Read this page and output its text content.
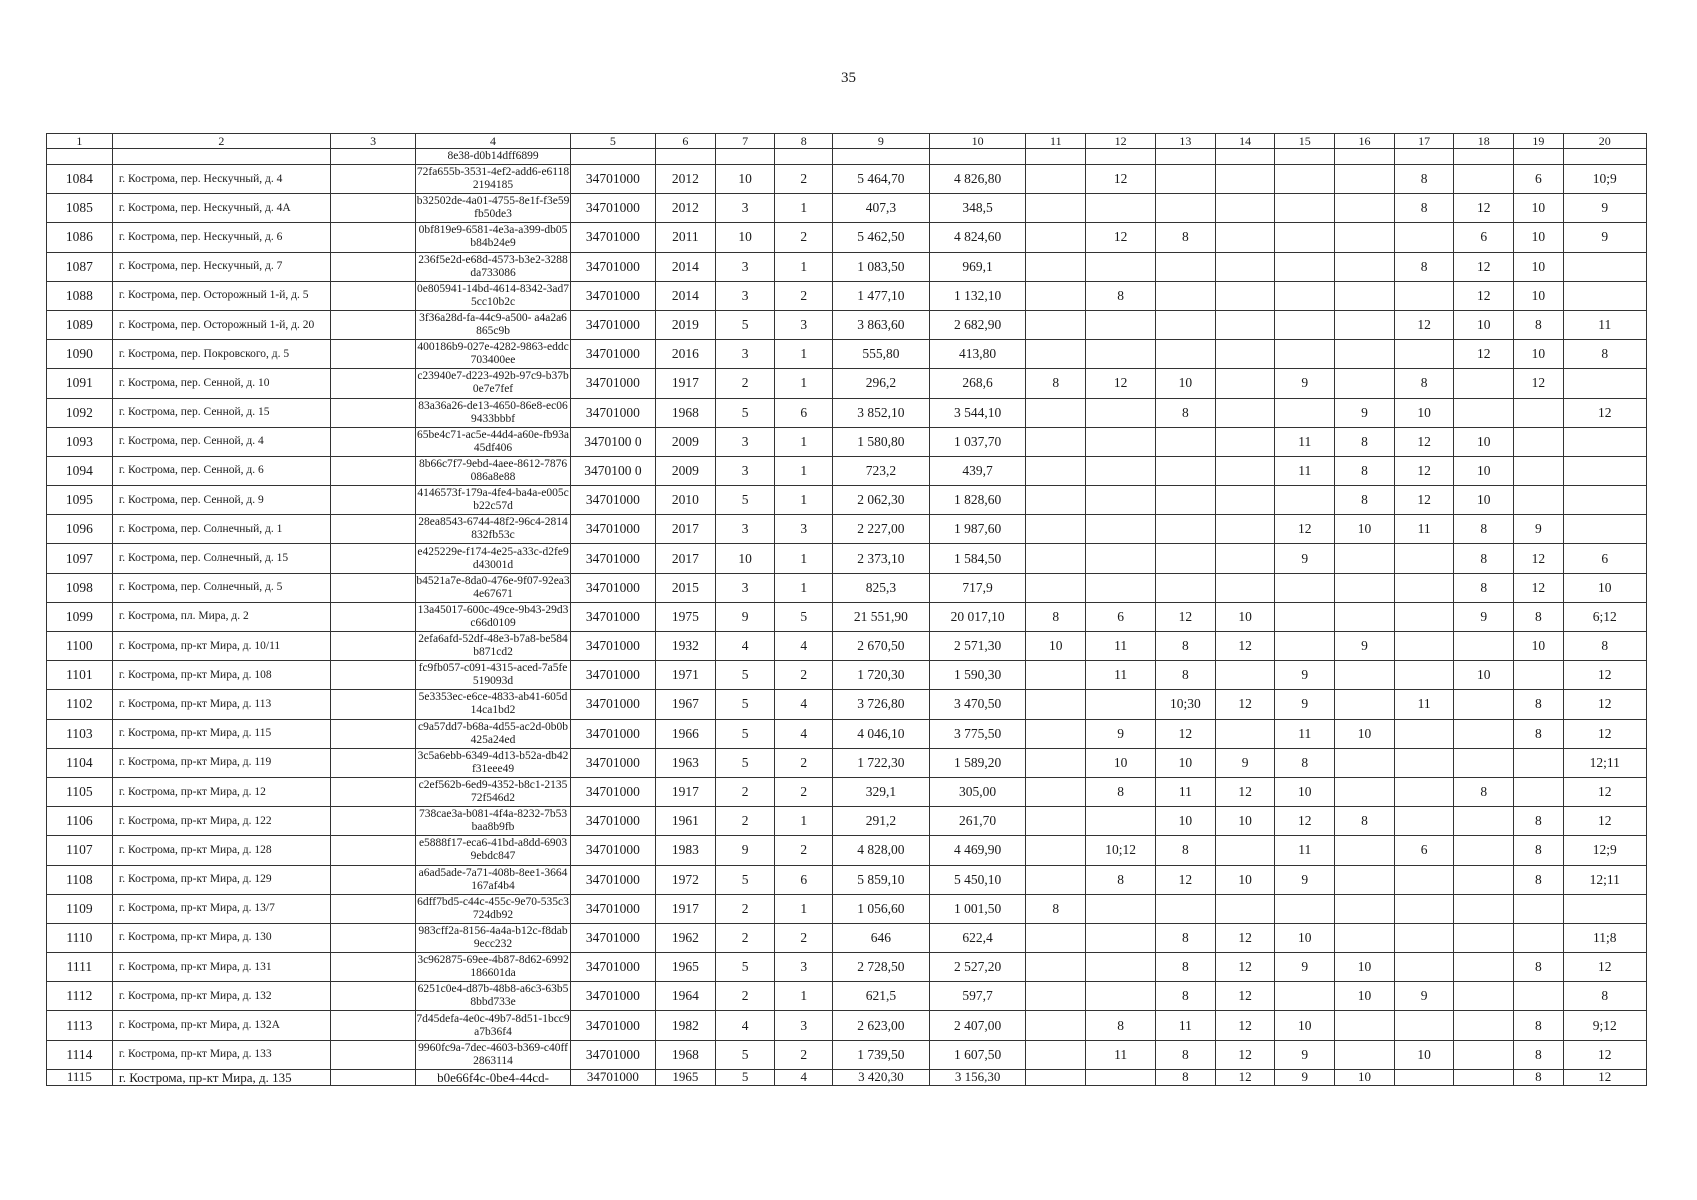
35
1	2	3	4	5	6	7	8	9	10	11	12	13	14	15	16	17	18	19	20
			8e38-d0b14dff6899																
1084	г. Кострома, пер. Нескучный, д. 4		72fa655b-3531-4ef2-add6-e61182194185	34701000	2012	10	2	5 464,70	4 826,80		12					8		6	10;9
1085	г. Кострома, пер. Нескучный, д. 4А		b32502de-4a01-4755-8e1f-f3e59fb50de3	34701000	2012	3	1	407,3	348,5							8	12	10	9
1086	г. Кострома, пер. Нескучный, д. 6		0bf819e9-6581-4e3a-a399-db05b84b24e9	34701000	2011	10	2	5 462,50	4 824,60		12	8					6	10	9
1087	г. Кострома, пер. Нескучный, д. 7		236f5e2d-e68d-4573-b3e2-3288da733086	34701000	2014	3	1	1 083,50	969,1							8	12	10	
1088	г. Кострома, пер. Осторожный 1-й, д. 5		0e805941-14bd-4614-8342-3ad75cc10b2c	34701000	2014	3	2	1 477,10	1 132,10		8						12	10	
1089	г. Кострома, пер. Осторожный 1-й, д. 20		3f36a28d-fa-44c9-a500- a4a2a6865c9b	34701000	2019	5	3	3 863,60	2 682,90							12	10	8	11
1090	г. Кострома, пер. Покровского, д. 5		400186b9-027e-4282-9863-eddc703400ee	34701000	2016	3	1	555,80	413,80								12	10	8
1091	г. Кострома, пер. Сенной, д. 10		c23940e7-d223-492b-97c9-b37b0e7e7fef	34701000	1917	2	1	296,2	268,6	8	12	10		9		8		12	
1092	г. Кострома, пер. Сенной, д. 15		83a36a26-de13-4650-86e8-ec069433bbbf	34701000	1968	5	6	3 852,10	3 544,10			8			9	10			12
1093	г. Кострома, пер. Сенной, д. 4		65be4c71-ac5e-44d4-a60e-fb93a45df406	3470100 0	2009	3	1	1 580,80	1 037,70					11	8	12	10		
1094	г. Кострома, пер. Сенной, д. 6		8b66c7f7-9ebd-4aee-8612-7876086a8e88	3470100 0	2009	3	1	723,2	439,7					11	8	12	10		
1095	г. Кострома, пер. Сенной, д. 9		4146573f-179a-4fe4-ba4a-e005cb22c57d	34701000	2010	5	1	2 062,30	1 828,60						8	12	10		
1096	г. Кострома, пер. Солнечный, д. 1		28ea8543-6744-48f2-96c4-2814832fb53c	34701000	2017	3	3	2 227,00	1 987,60					12	10	11	8	9	
1097	г. Кострома, пер. Солнечный, д. 15		e425229e-f174-4e25-a33c-d2fe9d43001d	34701000	2017	10	1	2 373,10	1 584,50					9			8	12	6
1098	г. Кострома, пер. Солнечный, д. 5		b4521a7e-8da0-476e-9f07-92ea34e67671	34701000	2015	3	1	825,3	717,9								8	12	10
1099	г. Кострома, пл. Мира, д. 2		13a45017-600c-49ce-9b43-29d3c66d0109	34701000	1975	9	5	21 551,90	20 017,10	8	6	12	10				9	8	6;12
1100	г. Кострома, пр-кт Мира, д. 10/11		2efa6afd-52df-48e3-b7a8-be584b871cd2	34701000	1932	4	4	2 670,50	2 571,30	10	11	8	12		9			10	8
1101	г. Кострома, пр-кт Мира, д. 108		fc9fb057-c091-4315-aced-7a5fe519093d	34701000	1971	5	2	1 720,30	1 590,30		11	8		9			10		12
1102	г. Кострома, пр-кт Мира, д. 113		5e3353ec-e6ce-4833-ab41-605d14ca1bd2	34701000	1967	5	4	3 726,80	3 470,50			10;30	12	9		11		8	12
1103	г. Кострома, пр-кт Мира, д. 115		c9a57dd7-b68a-4d55-ac2d-0b0b425a24ed	34701000	1966	5	4	4 046,10	3 775,50		9	12		11	10			8	12
1104	г. Кострома, пр-кт Мира, д. 119		3c5a6ebb-6349-4d13-b52a-db42f31eee49	34701000	1963	5	2	1 722,30	1 589,20		10	10	9	8					12;11
1105	г. Кострома, пр-кт Мира, д. 12		c2ef562b-6ed9-4352-b8c1-213572f546d2	34701000	1917	2	2	329,1	305,00		8	11	12	10			8		12
1106	г. Кострома, пр-кт Мира, д. 122		738cae3a-b081-4f4a-8232-7b53baa8b9fb	34701000	1961	2	1	291,2	261,70			10	10	12	8			8	12
1107	г. Кострома, пр-кт Мира, д. 128		e5888f17-eca6-41bd-a8dd-69039ebdc847	34701000	1983	9	2	4 828,00	4 469,90		10;12	8		11		6		8	12;9
1108	г. Кострома, пр-кт Мира, д. 129		a6ad5ade-7a71-408b-8ee1-3664167af4b4	34701000	1972	5	6	5 859,10	5 450,10		8	12	10	9				8	12;11
1109	г. Кострома, пр-кт Мира, д. 13/7		6dff7bd5-c44c-455c-9e70-535c3724db92	34701000	1917	2	1	1 056,60	1 001,50	8									
1110	г. Кострома, пр-кт Мира, д. 130		983cff2a-8156-4a4a-b12c-f8dab9ecc232	34701000	1962	2	2	646	622,4			8	12	10					11;8
1111	г. Кострома, пр-кт Мира, д. 131		3c962875-69ee-4b87-8d62-6992186601da	34701000	1965	5	3	2 728,50	2 527,20			8	12	9	10			8	12
1112	г. Кострома, пр-кт Мира, д. 132		6251c0e4-d87b-48b8-a6c3-63b58bbd733e	34701000	1964	2	1	621,5	597,7			8	12		10	9			8
1113	г. Кострома, пр-кт Мира, д. 132А		7d45defa-4e0c-49b7-8d51-1bcc9a7b36f4	34701000	1982	4	3	2 623,00	2 407,00		8	11	12	10				8	9;12
1114	г. Кострома, пр-кт Мира, д. 133		9960fc9a-7dec-4603-b369-c40ff2863114	34701000	1968	5	2	1 739,50	1 607,50		11	8	12	9		10		8	12
1115	г. Кострома, пр-кт Мира, д. 135		b0e66f4c-0be4-44cd-	34701000	1965	5	4	3 420,30	3 156,30			8	12	9	10			8	12
